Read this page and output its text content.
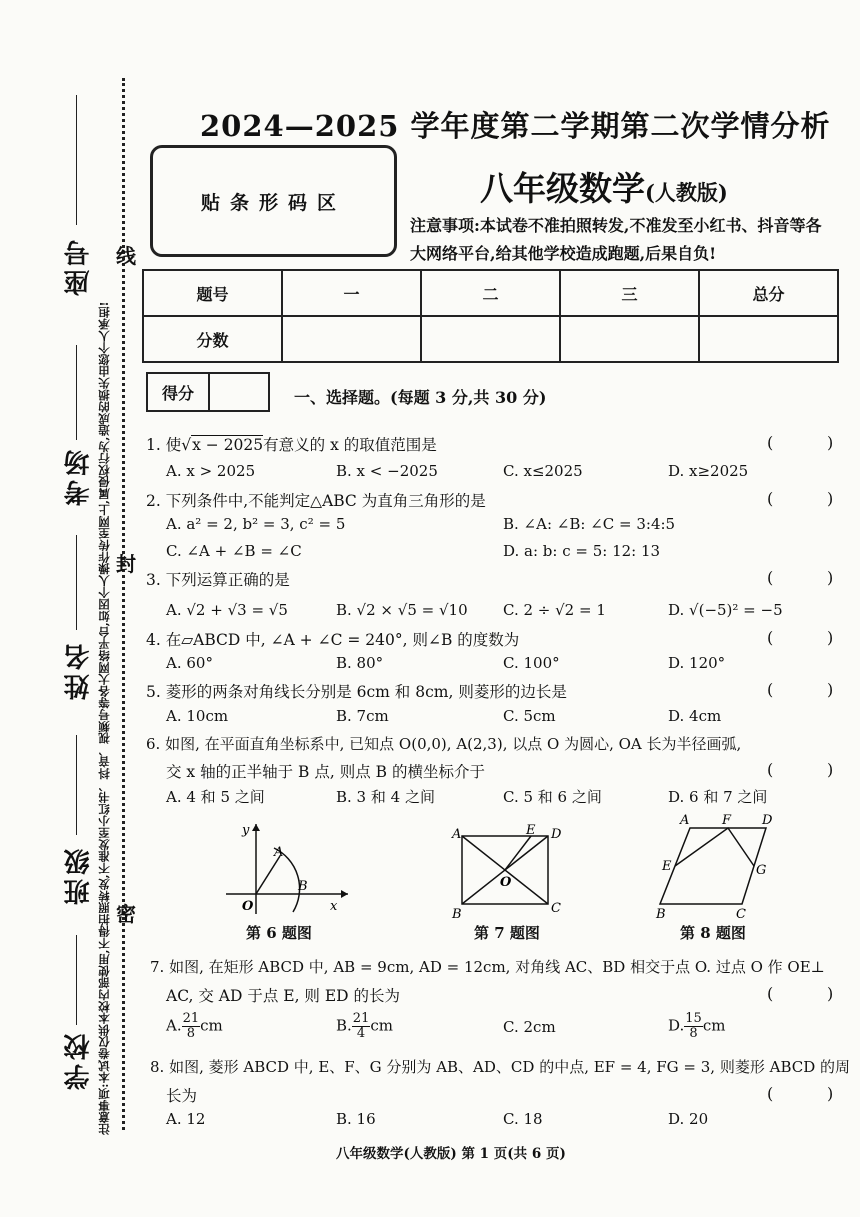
注意事项:本试卷仅供本校内部使用,不得拍照转发,不准发至小红书、抖音、视频号等各大网络平台,如因个人操作传至网上,属侵权行为,造成的损失由您个人承担!
座号
考场
姓名
班级
学校
线
封
密
2024—2025 学年度第二学期第二次学情分析
贴条形码区	八年级数学(人教版)
注意事项:本试卷不准拍照转发,不准发至小红书、抖音等各大网络平台,给其他学校造成跑题,后果自负!
题号	一	二	三	总分
分数				
得分	一、选择题。(每题 3 分,共 30 分)
1. 使√x − 2025有意义的 x 的取值范围是	(	)
A. x > 2025	B. x < −2025	C. x≤2025	D. x≥2025
2. 下列条件中,不能判定△ABC 为直角三角形的是	(	)
A. a² = 2, b² = 3, c² = 5	B. ∠A: ∠B: ∠C = 3:4:5
C. ∠A + ∠B = ∠C	D. a: b: c = 5: 12: 13
3. 下列运算正确的是	(	)
A. √2 + √3 = √5	B. √2 × √5 = √10 C. 2 ÷ √2 = 1	D. √(−5)² = −5
4. 在▱ABCD 中, ∠A + ∠C = 240°, 则∠B 的度数为	(	)
A. 60°	B. 80°	C. 100°	D. 120°
5. 菱形的两条对角线长分别是 6cm 和 8cm, 则菱形的边长是	(	)
A. 10cm	B. 7cm	C. 5cm	D. 4cm
6. 如图, 在平面直角坐标系中, 已知点 O(0,0), A(2,3), 以点 O 为圆心, OA 长为半径画弧,
交 x 轴的正半轴于 B 点, 则点 B 的横坐标介于	(	)
A. 4 和 5 之间	B. 3 和 4 之间	C. 5 和 6 之间	D. 6 和 7 之间
y
x
O
A
B
第 6 题图
A	E D
O
B	C
第 7 题图
A	F D
E	G
B	C
第 8 题图
7. 如图, 在矩形 ABCD 中, AB = 9cm, AD = 12cm, 对角线 AC、BD 相交于点 O. 过点 O 作 OE⊥
AC, 交 AD 于点 E, 则 ED 的长为	(	)
A. $\frac{21}{8}$ cm	B. $\frac{21}{4}$ cm	C. 2cm	D. $\frac{15}{8}$ cm
8. 如图, 菱形 ABCD 中, E、F、G 分别为 AB、AD、CD 的中点, EF = 4, FG = 3, 则菱形 ABCD 的周
长为	(	)
A. 12	B. 16	C. 18	D. 20
八年级数学(人教版) 第 1 页(共 6 页)
